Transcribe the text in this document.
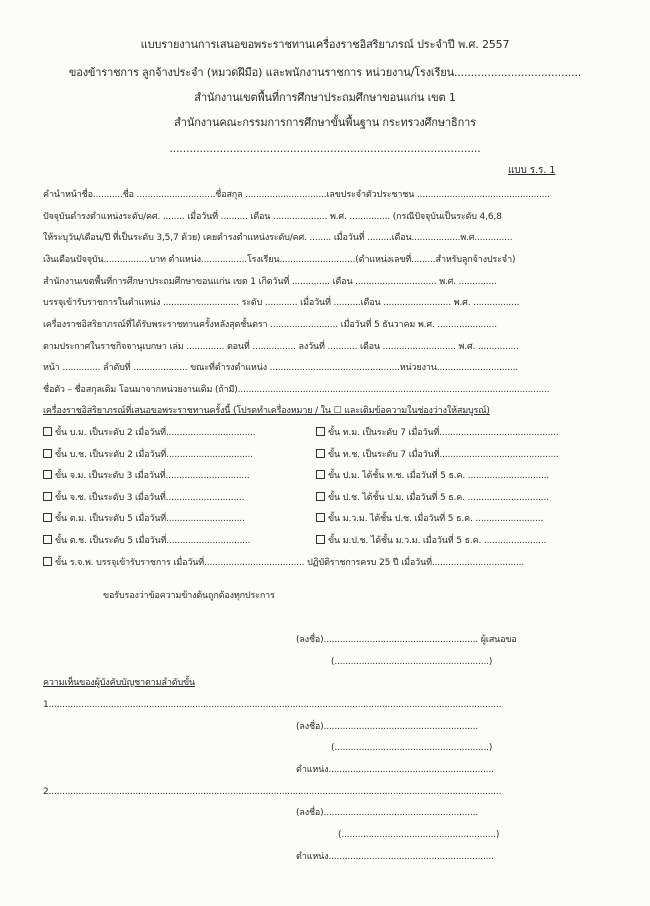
แบบรายงานการเสนอขอพระราชทานเครื่องราชอิสริยาภรณ์ ประจำปี พ.ศ. 2557
ของข้าราชการ ลูกจ้างประจำ (หมวดฝีมือ) และพนักงานราชการ หน่วยงาน/โรงเรียน......................................
สำนักงานเขตพื้นที่การศึกษาประถมศึกษาขอนแก่น เขต 1
สำนักงานคณะกรรมการการศึกษาขั้นพื้นฐาน กระทรวงศึกษาธิการ
.............................................................................................
แบบ ร.ร. 1
คำนำหน้าชื่อ...........ชื่อ .............................ชื่อสกุล ..............................เลขประจำตัวประชาชน .................................................
ปัจจุบันดำรงตำแหน่งระดับ/คศ. ........ เมื่อวันที่ .......... เดือน .................... พ.ศ. ............... (กรณีปัจจุบันเป็นระดับ 4,6,8
ให้ระบุวัน/เดือน/ปี ที่เป็นระดับ 3,5,7 ด้วย) เคยดำรงตำแหน่งระดับ/คศ. ........ เมื่อวันที่ .........เดือน..................พ.ศ..............
เงินเดือนปัจจุบัน.................บาท ตำแหน่ง.................โรงเรียน............................(ตำแหน่งเลขที่.........สำหรับลูกจ้างประจำ)
สำนักงานเขตพื้นที่การศึกษาประถมศึกษาขอนแก่น เขต 1 เกิดวันที่ .............. เดือน .............................. พ.ศ. ..............
บรรจุเข้ารับราชการในตำแหน่ง ............................ ระดับ ............ เมื่อวันที่ ..........เดือน ......................... พ.ศ. .................
เครื่องราชอิสริยาภรณ์ที่ได้รับพระราชทานครั้งหลังสุดชั้นตรา ......................... เมื่อวันที่ 5 ธันวาคม พ.ศ. ......................
ตามประกาศในราชกิจจานุเบกษา เล่ม .............. ตอนที่ ................ ลงวันที่ ........... เดือน ........................... พ.ศ. ...............
หน้า .............. ลำดับที่ .................... ขณะที่ดำรงตำแหน่ง ................................................หน่วยงาน..............................
ชื่อตัว – ชื่อสกุลเดิม โอนมาจากหน่วยงานเดิม (ถ้ามี)...................................................................................................................
เครื่องราชอิสริยาภรณ์ที่เสนอขอพระราชทานครั้งนี้ (โปรดทำเครื่องหมาย / ใน ☐ และเติมข้อความในช่องว่างให้สมบูรณ์)
ขั้น บ.ม. เป็นระดับ 2 เมื่อวันที่.................................
ขั้น บ.ช. เป็นระดับ 2 เมื่อวันที่................................
ขั้น จ.ม. เป็นระดับ 3 เมื่อวันที่...............................
ขั้น จ.ช. เป็นระดับ 3 เมื่อวันที่.............................
ขั้น ต.ม. เป็นระดับ 5 เมื่อวันที่.............................
ขั้น ต.ช. เป็นระดับ 5 เมื่อวันที่...............................
ขั้น ท.ม. เป็นระดับ 7 เมื่อวันที่............................................
ขั้น ท.ช. เป็นระดับ 7 เมื่อวันที่............................................
ขั้น ป.ม. ได้ชั้น ท.ช. เมื่อวันที่ 5 ธ.ค. ..............................
ขั้น ป.ช. ได้ชั้น ป.ม. เมื่อวันที่ 5 ธ.ค. ..............................
ขั้น ม.ว.ม. ได้ชั้น ป.ช. เมื่อวันที่ 5 ธ.ค. .........................
ขั้น ม.ป.ช. ได้ชั้น ม.ว.ม. เมื่อวันที่ 5 ธ.ค. .......................
ขั้น ร.จ.พ. บรรจุเข้ารับราชการ เมื่อวันที่..................................... ปฏิบัติราชการครบ 25 ปี เมื่อวันที่..................................
ขอรับรองว่าข้อความข้างต้นถูกต้องทุกประการ
(ลงชื่อ)......................................................... ผู้เสนอขอ
(.........................................................)
ความเห็นของผู้บังคับบัญชาตามลำดับขั้น
1.......................................................................................................................................................................
(ลงชื่อ).........................................................
(.........................................................)
ตำแหน่ง.............................................................
2.......................................................................................................................................................................
(ลงชื่อ).........................................................
(.........................................................)
ตำแหน่ง.............................................................
